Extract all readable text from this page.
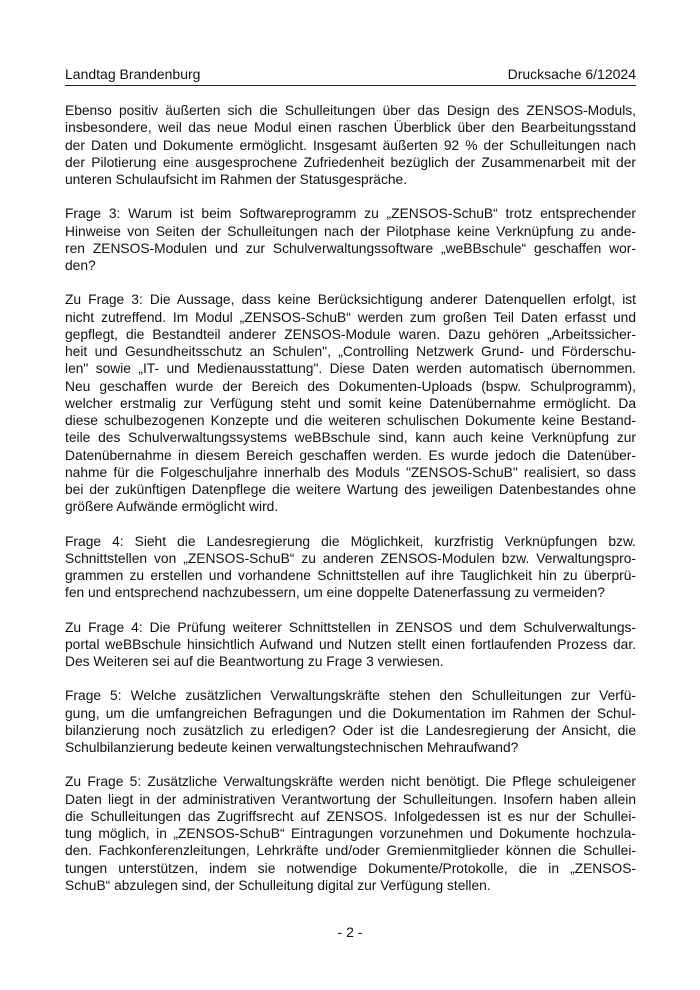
Landtag Brandenburg	Drucksache 6/12024
Ebenso positiv äußerten sich die Schulleitungen über das Design des ZENSOS-Moduls,
insbesondere, weil das neue Modul einen raschen Überblick über den Bearbeitungsstand
der Daten und Dokumente ermöglicht. Insgesamt äußerten 92 % der Schulleitungen nach
der Pilotierung eine ausgesprochene Zufriedenheit bezüglich der Zusammenarbeit mit der
unteren Schulaufsicht im Rahmen der Statusgespräche.
Frage 3: Warum ist beim Softwareprogramm zu „ZENSOS-SchuB“ trotz entsprechender
Hinweise von Seiten der Schulleitungen nach der Pilotphase keine Verknüpfung zu ande-
ren ZENSOS-Modulen und zur Schulverwaltungssoftware „weBBschule“ geschaffen wor-
den?
Zu Frage 3: Die Aussage, dass keine Berücksichtigung anderer Datenquellen erfolgt, ist
nicht zutreffend. Im Modul „ZENSOS-SchuB“ werden zum großen Teil Daten erfasst und
gepflegt, die Bestandteil anderer ZENSOS-Module waren. Dazu gehören „Arbeitssicher-
heit und Gesundheitsschutz an Schulen", „Controlling Netzwerk Grund- und Förderschu-
len" sowie „IT- und Medienausstattung". Diese Daten werden automatisch übernommen.
Neu geschaffen wurde der Bereich des Dokumenten-Uploads (bspw. Schulprogramm),
welcher erstmalig zur Verfügung steht und somit keine Datenübernahme ermöglicht. Da
diese schulbezogenen Konzepte und die weiteren schulischen Dokumente keine Bestand-
teile des Schulverwaltungssystems weBBschule sind, kann auch keine Verknüpfung zur
Datenübernahme in diesem Bereich geschaffen werden. Es wurde jedoch die Datenüber-
nahme für die Folgeschuljahre innerhalb des Moduls "ZENSOS-SchuB" realisiert, so dass
bei der zukünftigen Datenpflege die weitere Wartung des jeweiligen Datenbestandes ohne
größere Aufwände ermöglicht wird.
Frage 4: Sieht die Landesregierung die Möglichkeit, kurzfristig Verknüpfungen bzw.
Schnittstellen von „ZENSOS-SchuB“ zu anderen ZENSOS-Modulen bzw. Verwaltungspro-
grammen zu erstellen und vorhandene Schnittstellen auf ihre Tauglichkeit hin zu überprü-
fen und entsprechend nachzubessern, um eine doppelte Datenerfassung zu vermeiden?
Zu Frage 4: Die Prüfung weiterer Schnittstellen in ZENSOS und dem Schulverwaltungs-
portal weBBschule hinsichtlich Aufwand und Nutzen stellt einen fortlaufenden Prozess dar.
Des Weiteren sei auf die Beantwortung zu Frage 3 verwiesen.
Frage 5: Welche zusätzlichen Verwaltungskräfte stehen den Schulleitungen zur Verfü-
gung, um die umfangreichen Befragungen und die Dokumentation im Rahmen der Schul-
bilanzierung noch zusätzlich zu erledigen? Oder ist die Landesregierung der Ansicht, die
Schulbilanzierung bedeute keinen verwaltungstechnischen Mehraufwand?
Zu Frage 5: Zusätzliche Verwaltungskräfte werden nicht benötigt. Die Pflege schuleigener
Daten liegt in der administrativen Verantwortung der Schulleitungen. Insofern haben allein
die Schulleitungen das Zugriffsrecht auf ZENSOS. Infolgedessen ist es nur der Schullei-
tung möglich, in „ZENSOS-SchuB“ Eintragungen vorzunehmen und Dokumente hochzula-
den. Fachkonferenzleitungen, Lehrkräfte und/oder Gremienmitglieder können die Schullei-
tungen unterstützen, indem sie notwendige Dokumente/Protokolle, die in „ZENSOS-
SchuB“ abzulegen sind, der Schulleitung digital zur Verfügung stellen.
- 2 -
